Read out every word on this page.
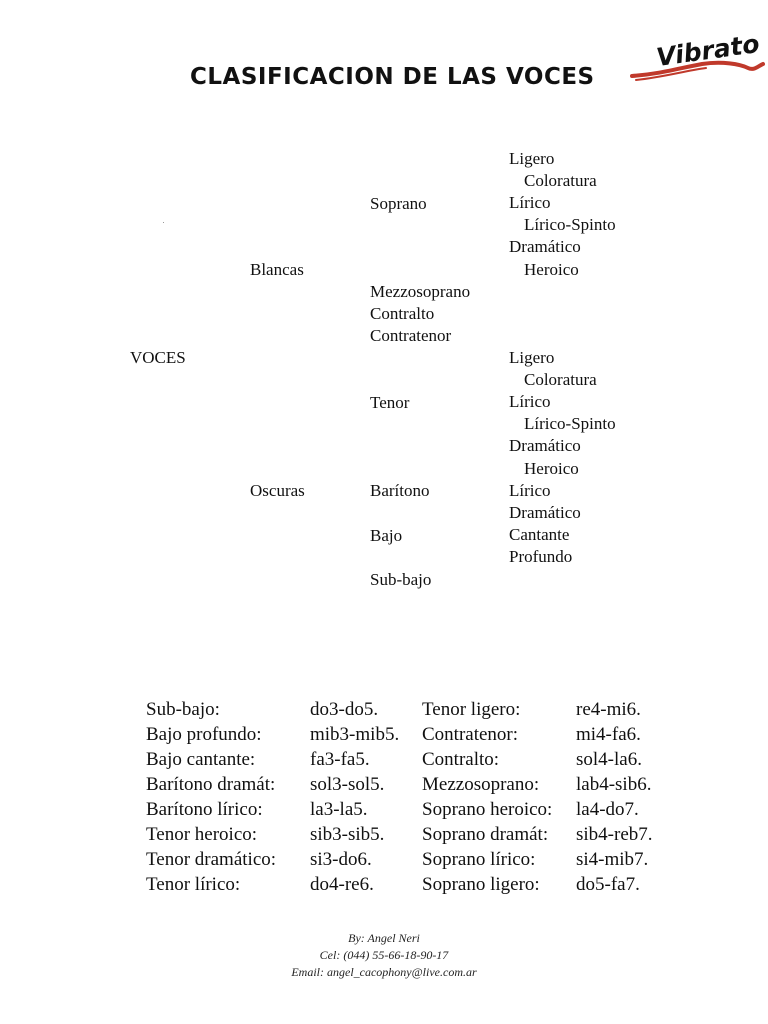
CLASIFICACION DE LAS VOCES
Vibrato
VOCES
Blancas
Soprano
Ligero
Coloratura
Lírico
Lírico-Spinto
Dramático
Heroico
Mezzosoprano
Contralto
Contratenor
Oscuras
Tenor
Ligero
Coloratura
Lírico
Lírico-Spinto
Dramático
Heroico
Barítono	Lírico
Dramático
Bajo	Cantante
Profundo
Sub-bajo
Sub-bajo:	do3-do5. Tenor ligero:	re4-mi6.
Bajo profundo:	mib3-mib5. Contratenor:	mi4-fa6.
Bajo cantante:	fa3-fa5.	Contralto:	sol4-la6.
Barítono dramát: sol3-sol5. Mezzosoprano: lab4-sib6.
Barítono lírico: la3-la5.	Soprano heroico: la4-do7.
Tenor heroico:	sib3-sib5. Soprano dramát: sib4-reb7.
Tenor dramático: si3-do6.	Soprano lírico: si4-mib7.
Tenor lírico:	do4-re6.	Soprano ligero: do5-fa7.
By: Angel Neri
Cel: (044) 55-66-18-90-17
Email: angel_cacophony@live.com.ar
